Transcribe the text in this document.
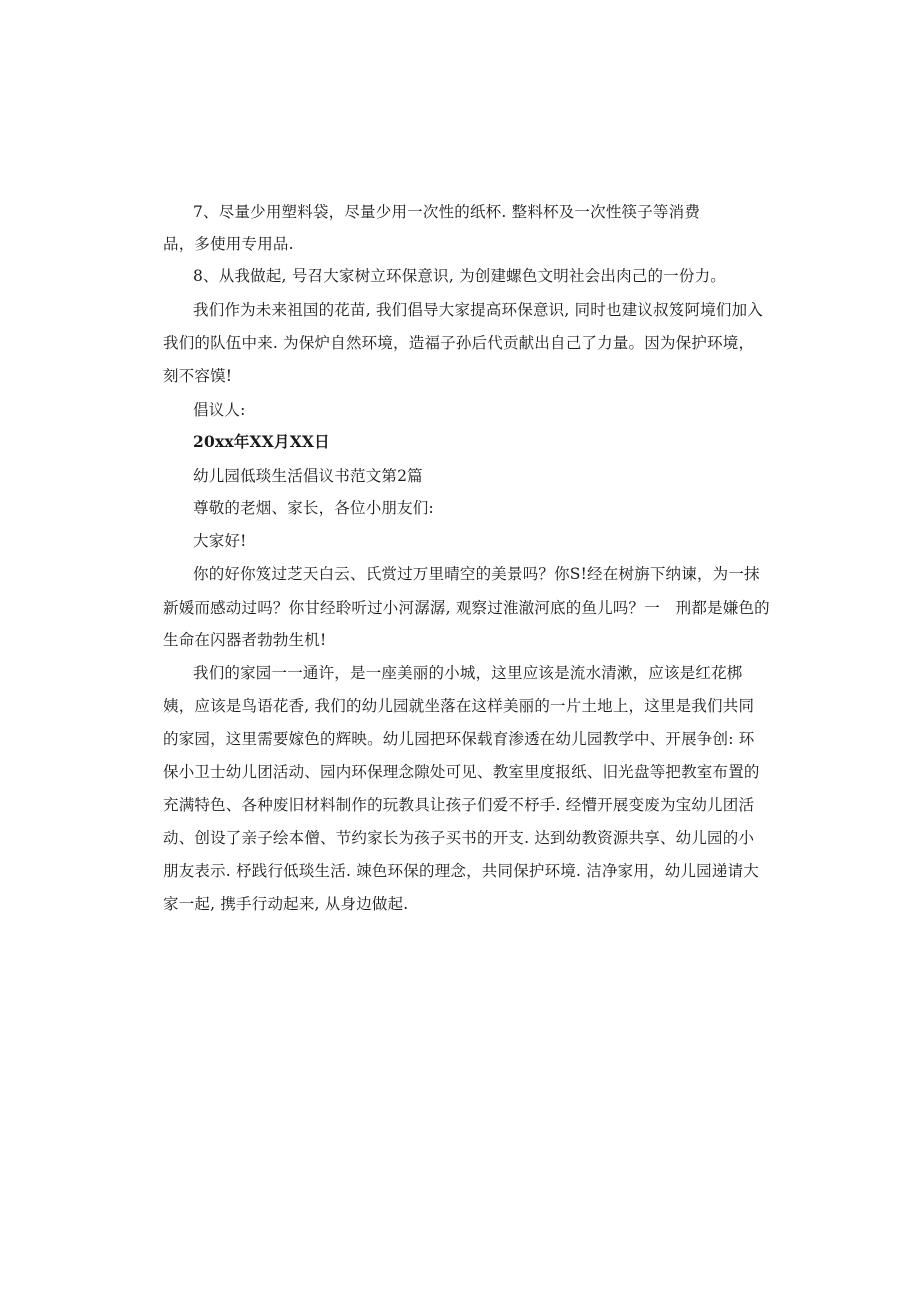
7、尽量少用塑料袋，尽量少用一次性的纸杯. 整料杯及一次性筷子等消费
品，多使用专用品.
8、从我做起, 号召大家树立环保意识, 为创建螺色文明社会出肉己的一份力。
我们作为未来祖国的花苗, 我们倡导大家提高环保意识, 同时也建议叔笈阿境们加入
我们的队伍中来. 为保炉自然环境，造福子孙后代贡献出自己了力量。因为保护环境，
刻不容馍!
倡议人:
20xx年XX月XX日
幼儿园低琰生活倡议书范文第2篇
尊敬的老烟、家长，各位小朋友们:
大家好!
你的好你笈过芝天白云、氏赏过万里晴空的美景吗？你S!经在树旃下纳谏，为一抹
新媛而感动过吗？你甘经聆听过小河潺潺, 观察过淮澈河底的鱼儿吗？一　刑都是嫌色的
生命在闪器者勃勃生机!
我们的家园一一通许，是一座美丽的小城，这里应该是流水清漱，应该是红花梆
姨，应该是鸟语花香, 我们的幼儿园就坐落在这样美丽的一片土地上，这里是我们共同
的家园，这里需要嫁色的辉映。幼儿园把环保载育渗透在幼儿园教学中、开展争创: 环
保小卫士幼儿团活动、园内环保理念隙处可见、教室里度报纸、旧光盘等把教室布置的
充满特色、各种废旧材料制作的玩教具让孩子们爱不杼手. 经懵开展变废为宝幼儿团活
动、创设了亲子绘本僧、节约家长为孩子买书的开支. 达到幼教资源共享、幼儿园的小
朋友表示. 杼践行低琰生活. 竦色环保的理念，共同保护环境. 洁净家用，幼儿园递请大
家一起, 携手行动起来, 从身边做起.
